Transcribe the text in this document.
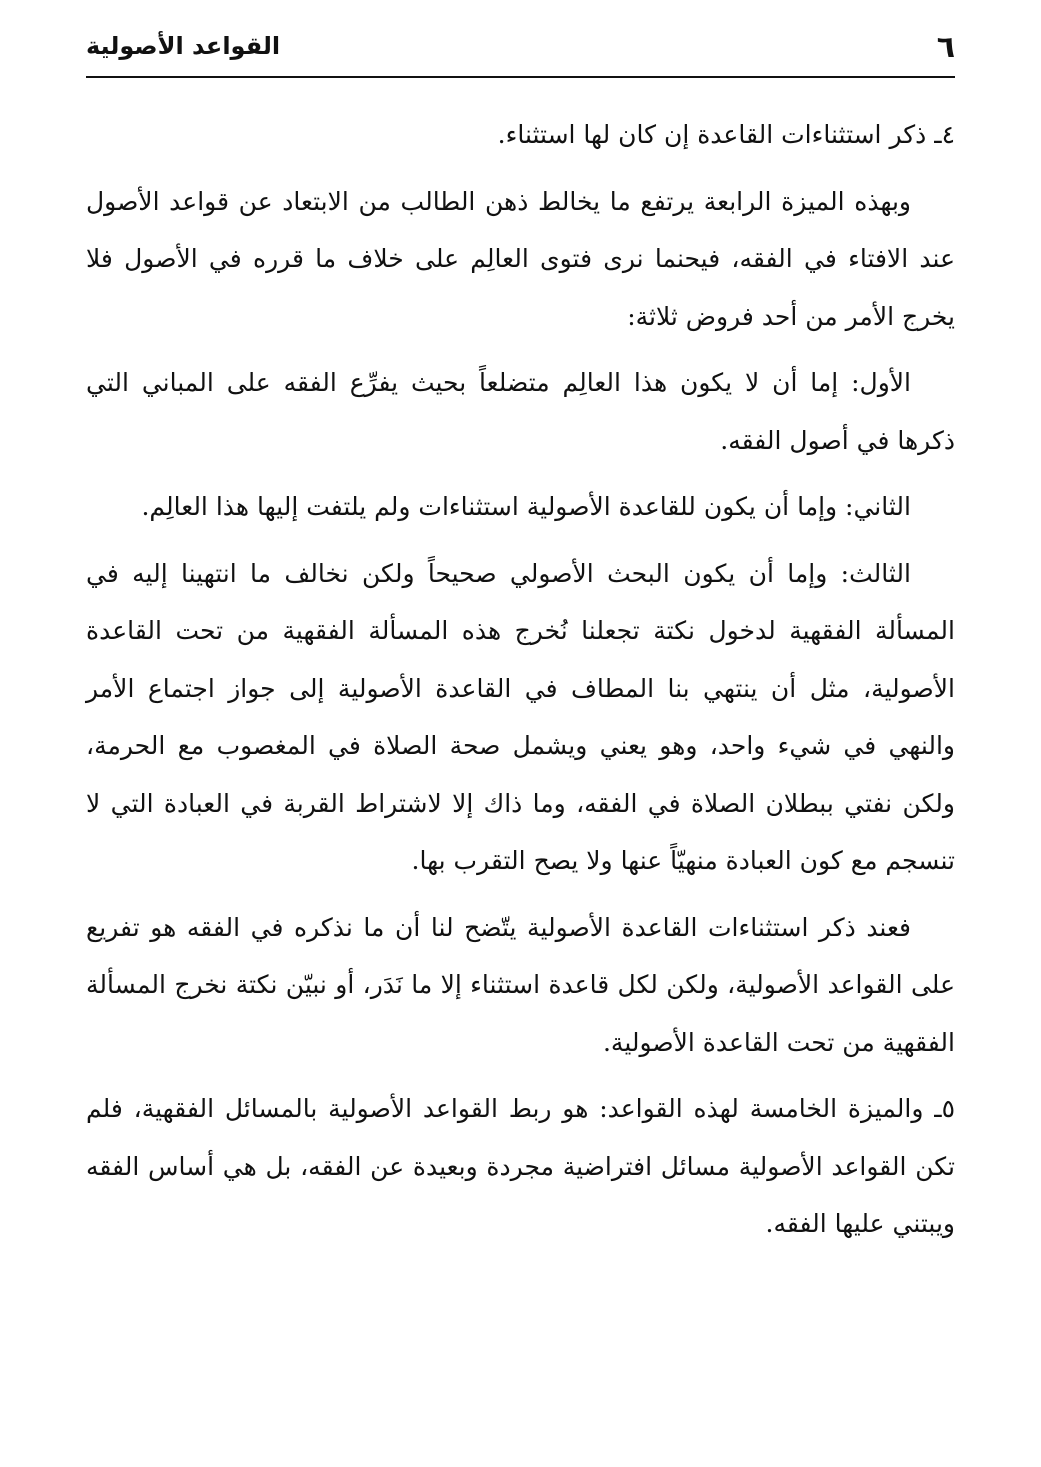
٦
القواعد الأصولية

٤ـ ذكر استثناءات القاعدة إن كان لها استثناء.

وبهذه الميزة الرابعة يرتفع ما يخالط ذهن الطالب من الابتعاد عن قواعد الأصول عند الافتاء في الفقه، فيحنما نرى فتوى العالِم على خلاف ما قرره في الأصول فلا يخرج الأمر من أحد فروض ثلاثة:

الأول: إما أن لا يكون هذا العالِم متضلعاً بحيث يفرِّع الفقه على المباني التي ذكرها في أصول الفقه.

الثاني: وإما أن يكون للقاعدة الأصولية استثناءات ولم يلتفت إليها هذا العالِم.

الثالث: وإما أن يكون البحث الأصولي صحيحاً ولكن نخالف ما انتهينا إليه في المسألة الفقهية لدخول نكتة تجعلنا نُخرج هذه المسألة الفقهية من تحت القاعدة الأصولية، مثل أن ينتهي بنا المطاف في القاعدة الأصولية إلى جواز اجتماع الأمر والنهي في شيء واحد، وهو يعني ويشمل صحة الصلاة في المغصوب مع الحرمة، ولكن نفتي ببطلان الصلاة في الفقه، وما ذاك إلا لاشتراط القربة في العبادة التي لا تنسجم مع كون العبادة منهيّاً عنها ولا يصح التقرب بها.

فعند ذكر استثناءات القاعدة الأصولية يتّضح لنا أن ما نذكره في الفقه هو تفريع على القواعد الأصولية، ولكن لكل قاعدة استثناء إلا ما نَدَر، أو نبيّن نكتة نخرج المسألة الفقهية من تحت القاعدة الأصولية.

٥ـ والميزة الخامسة لهذه القواعد: هو ربط القواعد الأصولية بالمسائل الفقهية، فلم تكن القواعد الأصولية مسائل افتراضية مجردة وبعيدة عن الفقه، بل هي أساس الفقه ويبتني عليها الفقه.
